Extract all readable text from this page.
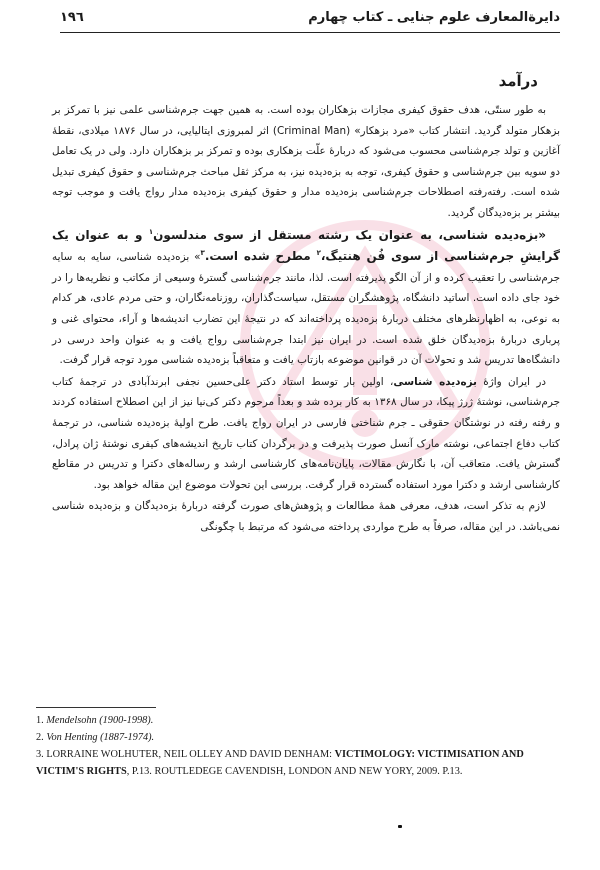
١٩٦	دایرةالمعارف علوم جنایی ـ کتاب چهارم
درآمد

به طور سنتّی، هدف حقوق کیفری مجازات بزهکاران بوده است. به همین جهت جرم‌شناسی علمی نیز با تمرکز بر بزهکار متولد گردید. انتشار کتاب «مرد بزهکار» (Criminal Man) اثر لمبروزی ایتالیایی، در سال ۱۸۷۶ میلادی، نقطهٔ آغازین و تولد جرم‌شناسی محسوب می‌شود که دربارهٔ علّت بزهکاری بوده و تمرکز بر بزهکاران دارد. ولی در یک تعامل دو سویه بین جرم‌شناسی و حقوق کیفری، توجه به بزه‌دیده نیز، به مرکز ثقل مباحث جرم‌شناسی و حقوق کیفری تبدیل شده است. رفته‌رفته اصطلاحات جرم‌شناسی بزه‌دیده مدار و حقوق کیفری بزه‌دیده مدار رواج یافت و موجب توجه بیشتر بر بزه‌دیدگان گردید.

«بزه‌دیده شناسی، به عنوان یک رشته مستقل از سوی مندلسون$^۱$ و به عنوان یک گرایشِ جرم‌شناسی از سوی فُن هنتیگ،$^۲$ مطرح شده است.$^۳$» بزه‌دیده شناسی، سایه به سایه جرم‌شناسی را تعقیب کرده و از آن الگو پذیرفته است. لذا، مانند جرم‌شناسی گسترهٔ وسیعی از مکاتب و نظریه‌ها را در خود جای داده است. اساتید دانشگاه، پژوهشگران مستقل، سیاست‌گذاران، روزنامه‌نگاران، و حتی مردم عادی، هر کدام به نوعی، به اظهارنظرهای مختلف دربارهٔ بزه‌دیده پرداخته‌اند که در نتیجهٔ این تضارب اندیشه‌ها و آراء، محتوای غنی و پرباری دربارهٔ بزه‌دیدگان خلق شده است. در ایران نیز ابتدا جرم‌شناسی رواج یافت و به عنوان واحد درسی در دانشگاه‌ها تدریس شد و تحولات آن در قوانین موضوعه بازتاب یافت و متعاقباً بزه‌دیده شناسی مورد توجه قرار گرفت.

در ایران واژهٔ بزه‌دیده شناسی، اولین بار توسط استاد دکتر علی‌حسین نجفی ابرندآبادی در ترجمهٔ کتاب جرم‌شناسی، نوشتهٔ ژرژ پیکا، در سال ۱۳۶۸ به کار برده شد و بعداً مرحوم دکتر کی‌نیا نیز از این اصطلاح استفاده کردند و رفته رفته در نوشتگان حقوقی ـ جرم شناختی فارسی در ایران رواج یافت. طرح اولیهٔ بزه‌دیده شناسی، در ترجمهٔ کتاب دفاع اجتماعی، نوشته مارک آنسل صورت پذیرفت و در برگردان کتاب تاریخ اندیشه‌های کیفری نوشتهٔ ژان پرادل، گسترش یافت. متعاقب آن، با نگارش مقالات، پایان‌نامه‌های کارشناسی ارشد و رساله‌های دکترا و تدریس در مقاطع کارشناسی ارشد و دکترا مورد استفاده گسترده قرار گرفت. بررسی این تحولات موضوع این مقاله خواهد بود.

لازم به تذکر است، هدف، معرفی همهٔ مطالعات و پژوهش‌های صورت گرفته دربارهٔ بزه‌دیدگان و بزه‌دیده شناسی نمی‌باشد. در این مقاله، صرفاً به طرح مواردی پرداخته می‌شود که مرتبط با چگونگی

1. Mendelsohn (1900-1998).

2. Von Henting (1887-1974).

3. LORRAINE WOLHUTER, NEIL OLLEY AND DAVID DENHAM: VICTIMOLOGY: VICTIMISATION AND VICTIM'S RIGHTS, P.13. ROUTLEDEGE CAVENDISH, LONDON AND NEW YORY, 2009. P.13.
